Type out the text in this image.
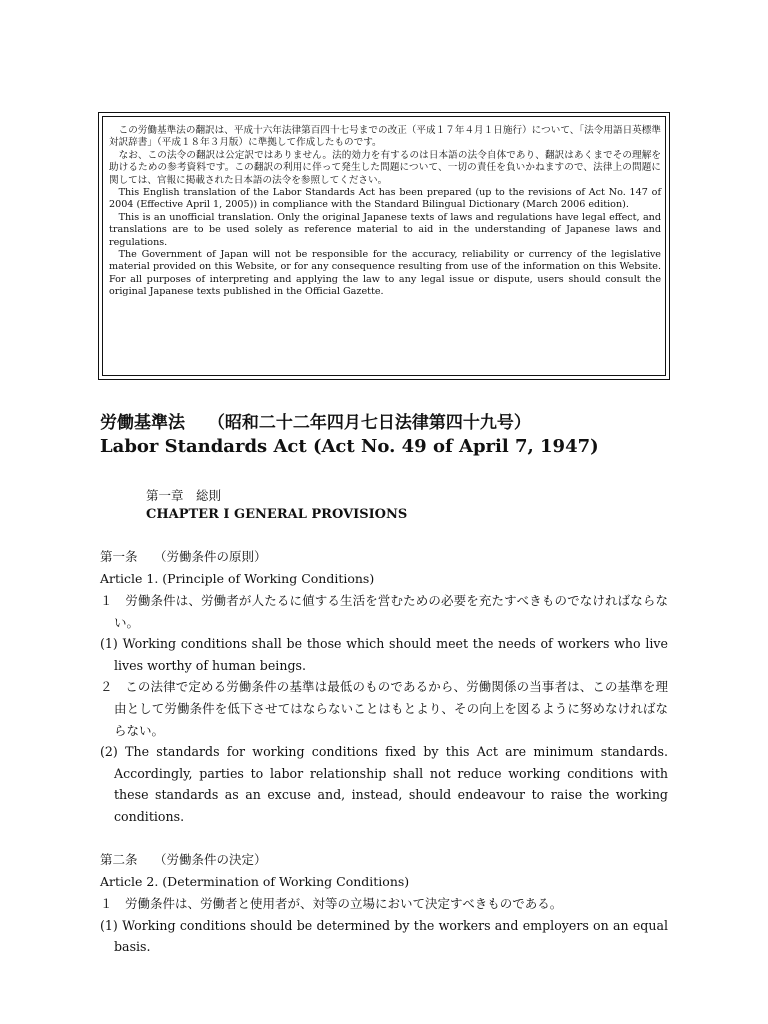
この労働基準法の翻訳は、平成十六年法律第百四十七号までの改正（平成１７年４月１日施行）について、「法令用語日英標準対訳辞書」（平成１８年３月版）に準拠して作成したものです。

なお、この法令の翻訳は公定訳ではありません。法的効力を有するのは日本語の法令自体であり、翻訳はあくまでその理解を助けるための参考資料です。この翻訳の利用に伴って発生した問題について、一切の責任を負いかねますので、法律上の問題に関しては、官報に掲載された日本語の法令を参照してください。

This English translation of the Labor Standards Act has been prepared (up to the revisions of Act No. 147 of 2004 (Effective April 1, 2005)) in compliance with the Standard Bilingual Dictionary (March 2006 edition).

This is an unofficial translation. Only the original Japanese texts of laws and regulations have legal effect, and translations are to be used solely as reference material to aid in the understanding of Japanese laws and regulations.

The Government of Japan will not be responsible for the accuracy, reliability or currency of the legislative material provided on this Website, or for any consequence resulting from use of the information on this Website. For all purposes of interpreting and applying the law to any legal issue or dispute, users should consult the original Japanese texts published in the Official Gazette.

労働基準法　 （昭和二十二年四月七日法律第四十九号）
Labor Standards Act (Act No. 49 of April 7, 1947)
第一章　総則
CHAPTER I GENERAL PROVISIONS
第一条　 （労働条件の原則）
Article 1. (Principle of Working Conditions)
１　労働条件は、労働者が人たるに値する生活を営むための必要を充たすべきものでなければならない。
(1) Working conditions shall be those which should meet the needs of workers who live lives worthy of human beings.
２　この法律で定める労働条件の基準は最低のものであるから、労働関係の当事者は、この基準を理由として労働条件を低下させてはならないことはもとより、その向上を図るように努めなければならない。
(2) The standards for working conditions fixed by this Act are minimum standards. Accordingly, parties to labor relationship shall not reduce working conditions with these standards as an excuse and, instead, should endeavour to raise the working conditions.
第二条　 （労働条件の決定）
Article 2. (Determination of Working Conditions)
１　労働条件は、労働者と使用者が、対等の立場において決定すべきものである。
(1) Working conditions should be determined by the workers and employers on an equal basis.
